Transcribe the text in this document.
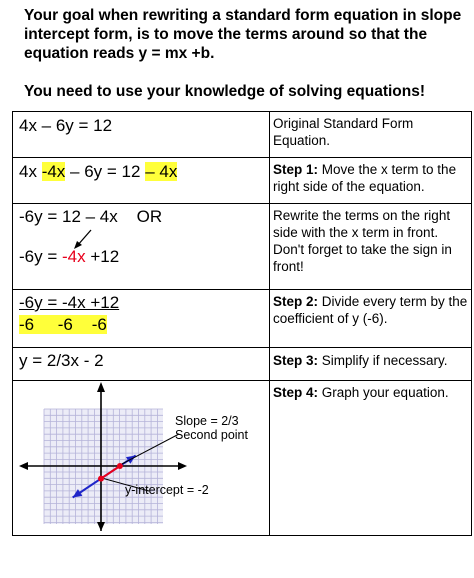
Your goal when rewriting a standard form equation in slope intercept form, is to move the terms around so that the equation reads y = mx +b.

You need to use your knowledge of solving equations!

4x – 6y = 12	Original Standard Form Equation.

4x -4x – 6y = 12 – 4x	Step 1: Move the x term to the right side of the equation.

-6y = 12 – 4x    OR
-6y = -4x +12	Rewrite the terms on the right side with the x term in front. Don't forget to take the sign in front!

-6y = -4x +12
-6     -6    -6	Step 2: Divide every term by the coefficient of y (-6).

y = 2/3x - 2	Step 3: Simplify if necessary.

Slope = 2/3
Second point
y-intercept = -2	Step 4: Graph your equation.
